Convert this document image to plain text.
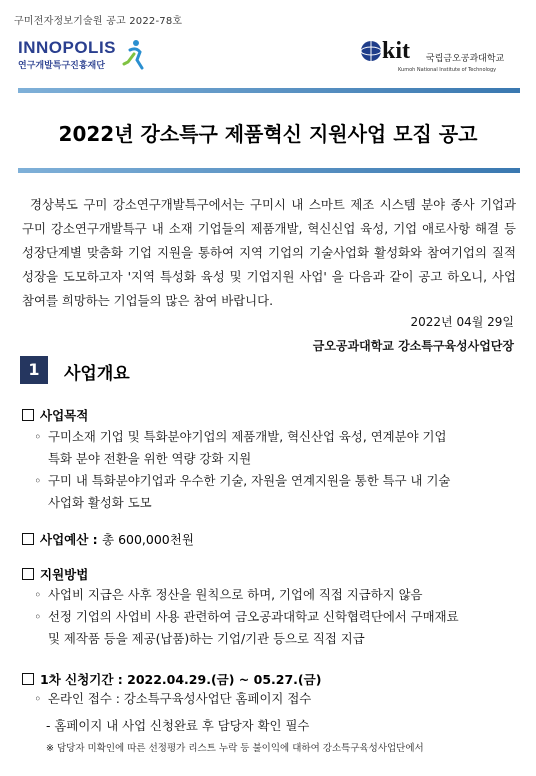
구미전자정보기술원 공고 2022-78호
INNOPOLIS
연구개발특구진흥재단
kit 국립금오공과대학교
Kumoh National Institute of Technology
2022년 강소특구 제품혁신 지원사업 모집 공고
경상북도 구미 강소연구개발특구에서는 구미시 내 스마트 제조 시스템 분야 종사 기업과 구미 강소연구개발특구 내 소재 기업들의 제품개발, 혁신신업 육성, 기업 애로사항 해결 등 성장단계별 맞춤화 기업 지원을 통하여 지역 기업의 기술사업화 활성화와 참여기업의 질적 성장을 도모하고자 '지역 특성화 육성 및 기업지원 사업' 을 다음과 같이 공고 하오니, 사업 참여를 희망하는 기업들의 많은 참여 바랍니다.
2022년 04월 29일
금오공과대학교 강소특구육성사업단장
1	사업개요
사업목적
◦ 구미소재 기업 및 특화분야기업의 제품개발, 혁신산업 육성, 연계분야 기업
특화 분야 전환을 위한 역량 강화 지원
◦ 구미 내 특화분야기업과 우수한 기술, 자원을 연계지원을 통한 특구 내 기술
사업화 활성화 도모
사업예산 : 총 600,000천원
지원방법
◦ 사업비 지급은 사후 정산을 원칙으로 하며, 기업에 직접 지급하지 않음
◦ 선정 기업의 사업비 사용 관련하여 금오공과대학교 신학협력단에서 구매재료
및 제작품 등을 제공(납품)하는 기업/기관 등으로 직접 지급
1차 신청기간 : 2022.04.29.(금) ~ 05.27.(금)
◦ 온라인 접수 : 강소특구육성사업단 홈페이지 접수
- 홈페이지 내 사업 신청완료 후 담당자 확인 필수
※ 담당자 미확인에 따른 선정평가 리스트 누락 등 불이익에 대하여 강소특구육성사업단에서
